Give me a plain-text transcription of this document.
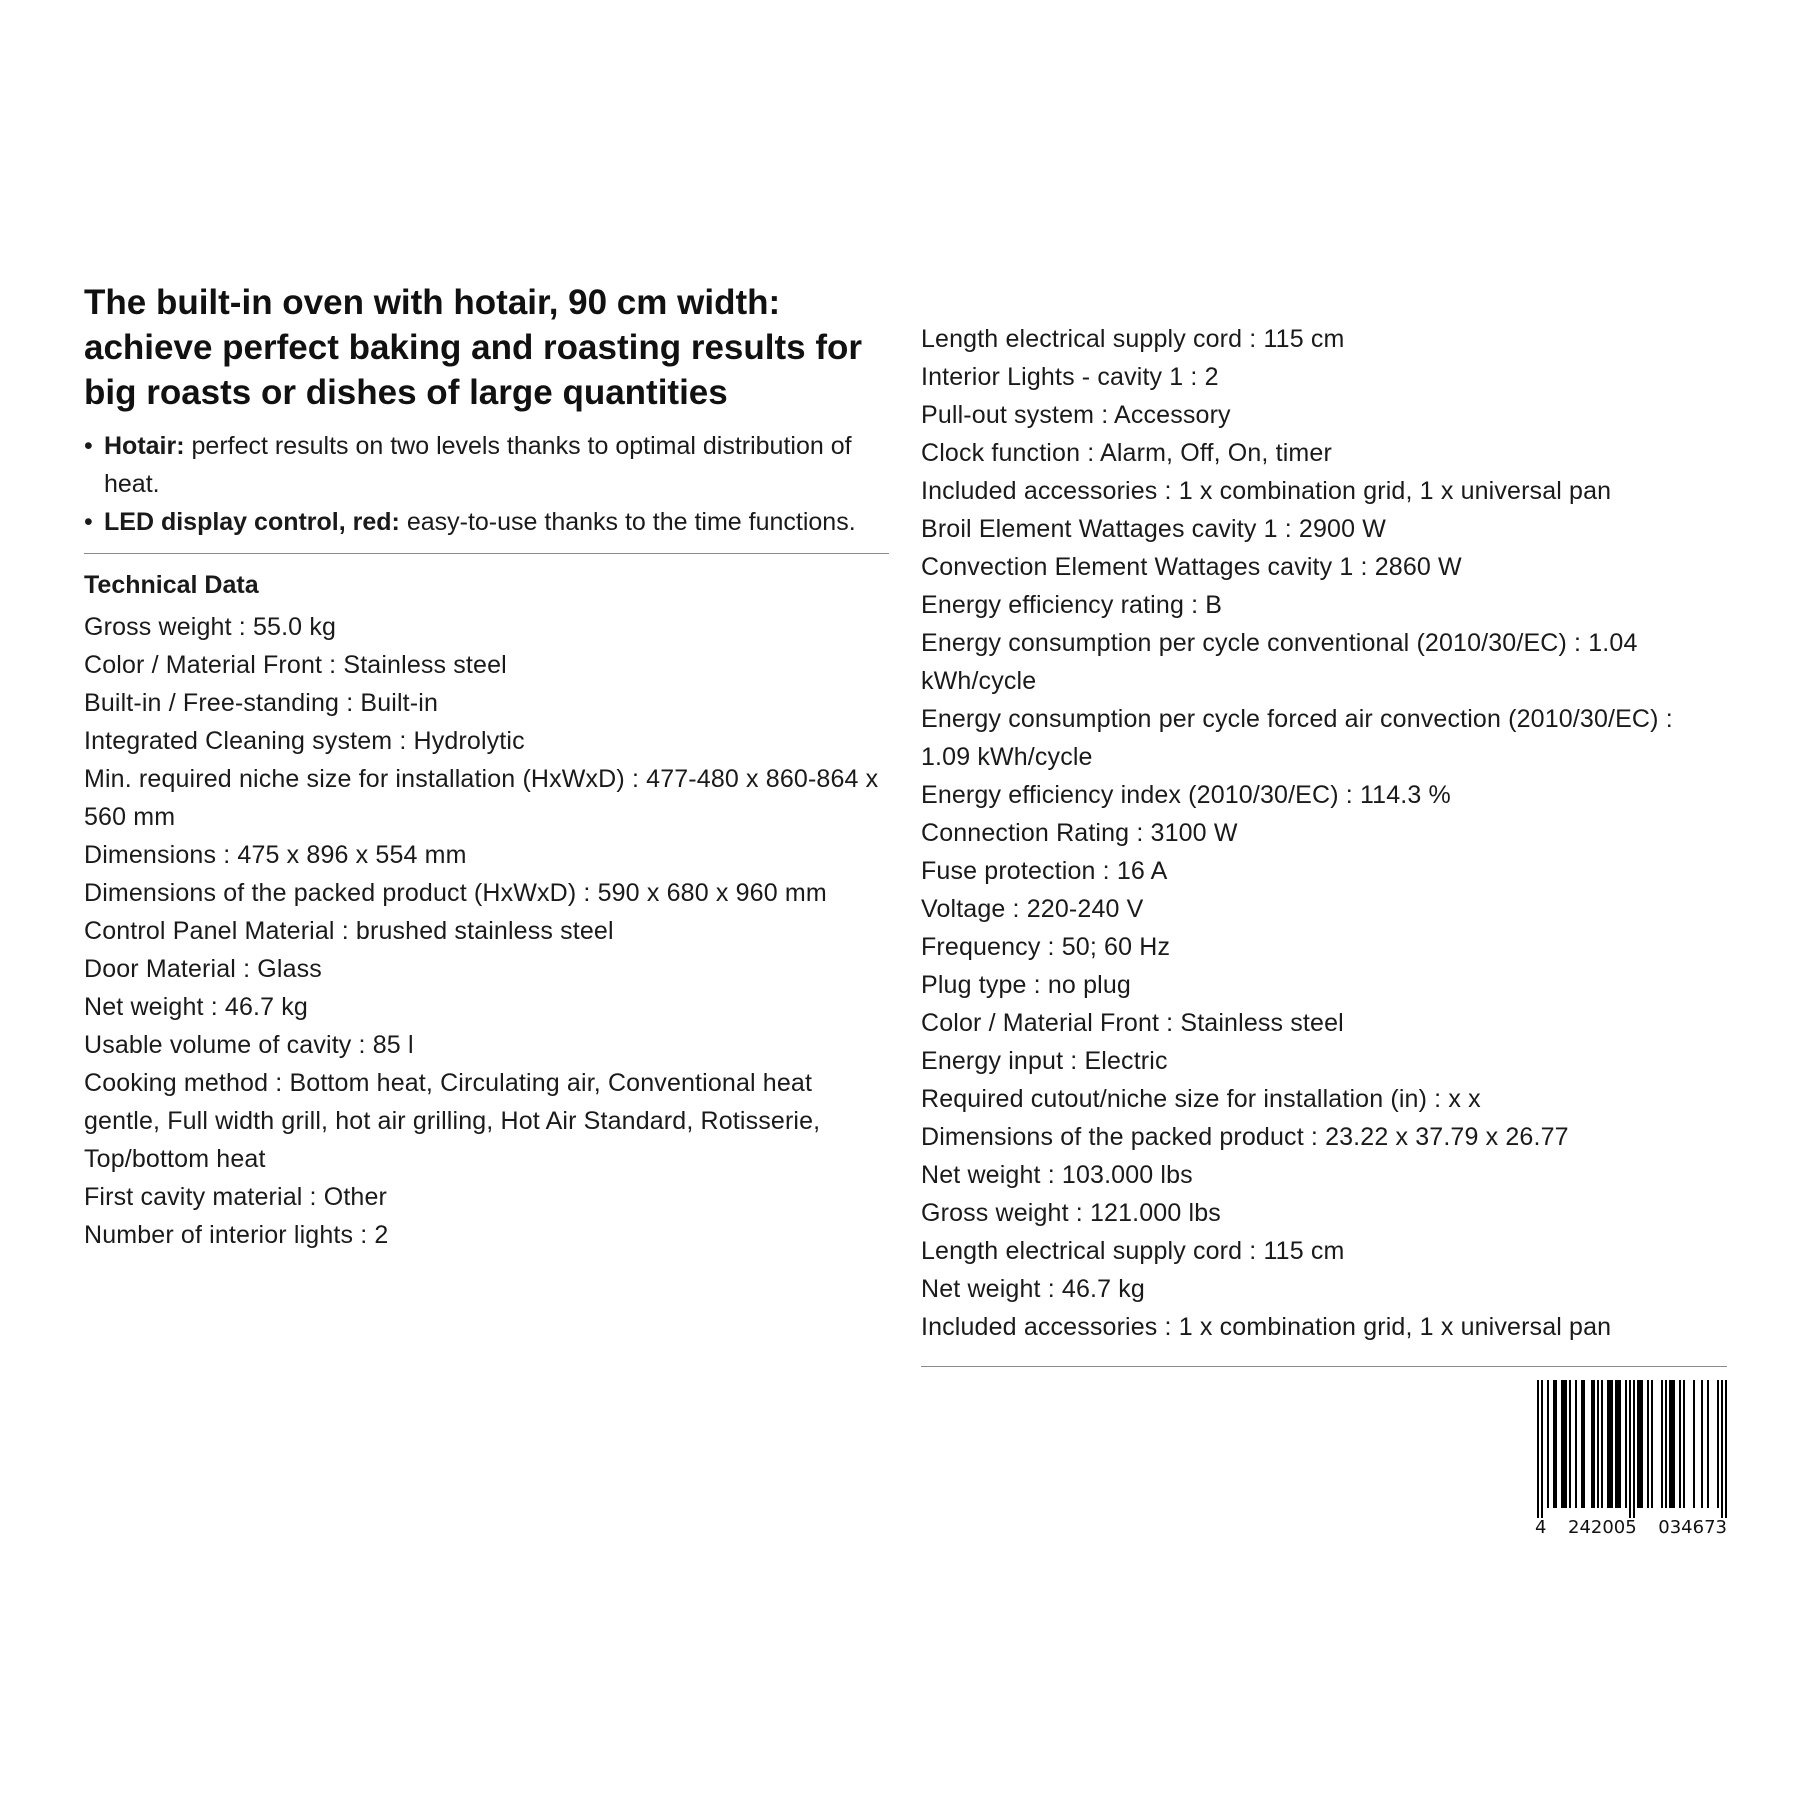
The built-in oven with hotair, 90 cm width: achieve perfect baking and roasting results for big roasts or dishes of large quantities
• Hotair: perfect results on two levels thanks to optimal distribution of heat.
• LED display control, red: easy-to-use thanks to the time functions.
Technical Data
Gross weight : 55.0 kg
Color / Material Front : Stainless steel
Built-in / Free-standing : Built-in
Integrated Cleaning system : Hydrolytic
Min. required niche size for installation (HxWxD) : 477-480 x 860-864 x 560 mm
Dimensions : 475 x 896 x 554 mm
Dimensions of the packed product (HxWxD) : 590 x 680 x 960 mm
Control Panel Material : brushed stainless steel
Door Material : Glass
Net weight : 46.7 kg
Usable volume of cavity : 85 l
Cooking method : Bottom heat, Circulating air, Conventional heat gentle, Full width grill, hot air grilling, Hot Air Standard, Rotisserie, Top/bottom heat
First cavity material : Other
Number of interior lights : 2
Length electrical supply cord : 115 cm
Interior Lights - cavity 1 : 2
Pull-out system : Accessory
Clock function : Alarm, Off, On, timer
Included accessories : 1 x combination grid, 1 x universal pan
Broil Element Wattages cavity 1 : 2900 W
Convection Element Wattages cavity 1 : 2860 W
Energy efficiency rating : B
Energy consumption per cycle conventional (2010/30/EC) : 1.04 kWh/cycle
Energy consumption per cycle forced air convection (2010/30/EC) : 1.09 kWh/cycle
Energy efficiency index (2010/30/EC) : 114.3 %
Connection Rating : 3100 W
Fuse protection : 16 A
Voltage : 220-240 V
Frequency : 50; 60 Hz
Plug type : no plug
Color / Material Front : Stainless steel
Energy input : Electric
Required cutout/niche size for installation (in) : x x
Dimensions of the packed product : 23.22 x 37.79 x 26.77
Net weight : 103.000 lbs
Gross weight : 121.000 lbs
Length electrical supply cord : 115 cm
Net weight : 46.7 kg
Included accessories : 1 x combination grid, 1 x universal pan
4 242005 034673
